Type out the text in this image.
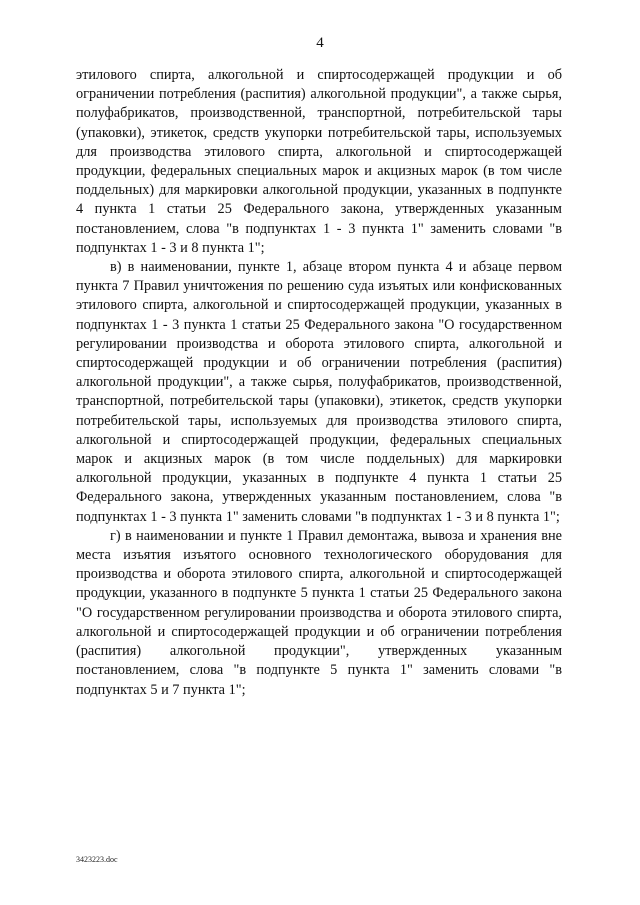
4

этилового спирта, алкогольной и спиртосодержащей продукции и об ограничении потребления (распития) алкогольной продукции", а также сырья, полуфабрикатов, производственной, транспортной, потребительской тары (упаковки), этикеток, средств укупорки потребительской тары, используемых для производства этилового спирта, алкогольной и спиртосодержащей продукции, федеральных специальных марок и акцизных марок (в том числе поддельных) для маркировки алкогольной продукции, указанных в подпункте 4 пункта 1 статьи 25 Федерального закона, утвержденных указанным постановлением, слова "в подпунктах 1 - 3 пункта 1" заменить словами "в подпунктах 1 - 3 и 8 пункта 1";

в) в наименовании, пункте 1, абзаце втором пункта 4 и абзаце первом пункта 7 Правил уничтожения по решению суда изъятых или конфискованных этилового спирта, алкогольной и спиртосодержащей продукции, указанных в подпунктах 1 - 3 пункта 1 статьи 25 Федерального закона "О государственном регулировании производства и оборота этилового спирта, алкогольной и спиртосодержащей продукции и об ограничении потребления (распития) алкогольной продукции", а также сырья, полуфабрикатов, производственной, транспортной, потребительской тары (упаковки), этикеток, средств укупорки потребительской тары, используемых для производства этилового спирта, алкогольной и спиртосодержащей продукции, федеральных специальных марок и акцизных марок (в том числе поддельных) для маркировки алкогольной продукции, указанных в подпункте 4 пункта 1 статьи 25 Федерального закона, утвержденных указанным постановлением, слова "в подпунктах 1 - 3 пункта 1" заменить словами "в подпунктах 1 - 3 и 8 пункта 1";

г) в наименовании и пункте 1 Правил демонтажа, вывоза и хранения вне места изъятия изъятого основного технологического оборудования для производства и оборота этилового спирта, алкогольной и спиртосодержащей продукции, указанного в подпункте 5 пункта 1 статьи 25 Федерального закона "О государственном регулировании производства и оборота этилового спирта, алкогольной и спиртосодержащей продукции и об ограничении потребления (распития) алкогольной продукции", утвержденных указанным постановлением, слова "в подпункте 5 пункта 1" заменить словами "в подпунктах 5 и 7 пункта 1";

3423223.doc
